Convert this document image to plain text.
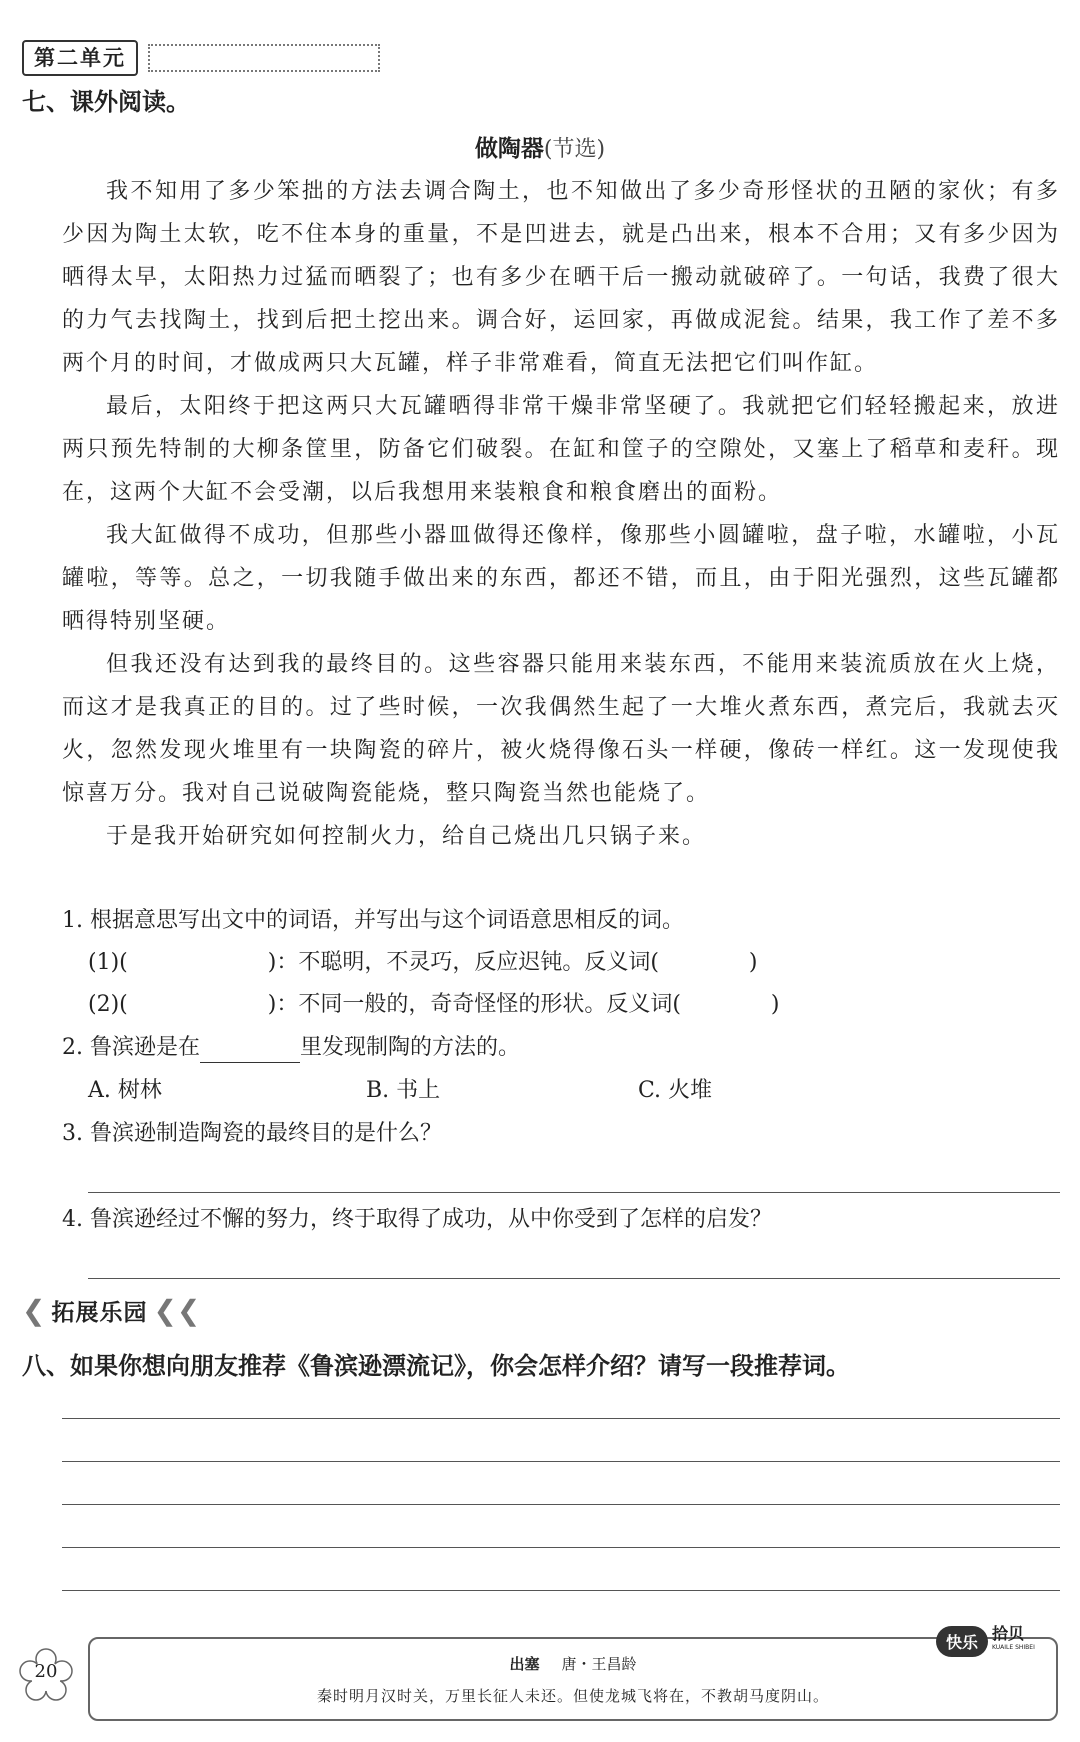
第二单元
七、课外阅读。
做陶器(节选)

我不知用了多少笨拙的方法去调合陶土，也不知做出了多少奇形怪状的丑陋的家伙；有多少因为陶土太软，吃不住本身的重量，不是凹进去，就是凸出来，根本不合用；又有多少因为晒得太早，太阳热力过猛而晒裂了；也有多少在晒干后一搬动就破碎了。一句话，我费了很大的力气去找陶土，找到后把土挖出来。调合好，运回家，再做成泥瓮。结果，我工作了差不多两个月的时间，才做成两只大瓦罐，样子非常难看，简直无法把它们叫作缸。

最后，太阳终于把这两只大瓦罐晒得非常干燥非常坚硬了。我就把它们轻轻搬起来，放进两只预先特制的大柳条筐里，防备它们破裂。在缸和筐子的空隙处，又塞上了稻草和麦秆。现在，这两个大缸不会受潮，以后我想用来装粮食和粮食磨出的面粉。

我大缸做得不成功，但那些小器皿做得还像样，像那些小圆罐啦，盘子啦，水罐啦，小瓦罐啦，等等。总之，一切我随手做出来的东西，都还不错，而且，由于阳光强烈，这些瓦罐都晒得特别坚硬。

但我还没有达到我的最终目的。这些容器只能用来装东西，不能用来装流质放在火上烧，而这才是我真正的目的。过了些时候，一次我偶然生起了一大堆火煮东西，煮完后，我就去灭火，忽然发现火堆里有一块陶瓷的碎片，被火烧得像石头一样硬，像砖一样红。这一发现使我惊喜万分。我对自己说破陶瓷能烧，整只陶瓷当然也能烧了。

于是我开始研究如何控制火力，给自己烧出几只锅子来。

1. 根据意思写出文中的词语，并写出与这个词语意思相反的词。
(1)(	)：不聪明，不灵巧，反应迟钝。反义词(	)
(2)(	)：不同一般的，奇奇怪怪的形状。反义词(	)
2. 鲁滨逊是在	里发现制陶的方法的。
A. 树林	B. 书上	C. 火堆
3. 鲁滨逊制造陶瓷的最终目的是什么？
4. 鲁滨逊经过不懈的努力，终于取得了成功，从中你受到了怎样的启发？
❮ 拓展乐园 ❮❮
八、如果你想向朋友推荐《鲁滨逊漂流记》，你会怎样介绍？请写一段推荐词。
20	出塞 唐・王昌龄
秦时明月汉时关，万里长征人未还。但使龙城飞将在，不教胡马度阴山。
快乐 拾贝
KUAILE SHIBEI
